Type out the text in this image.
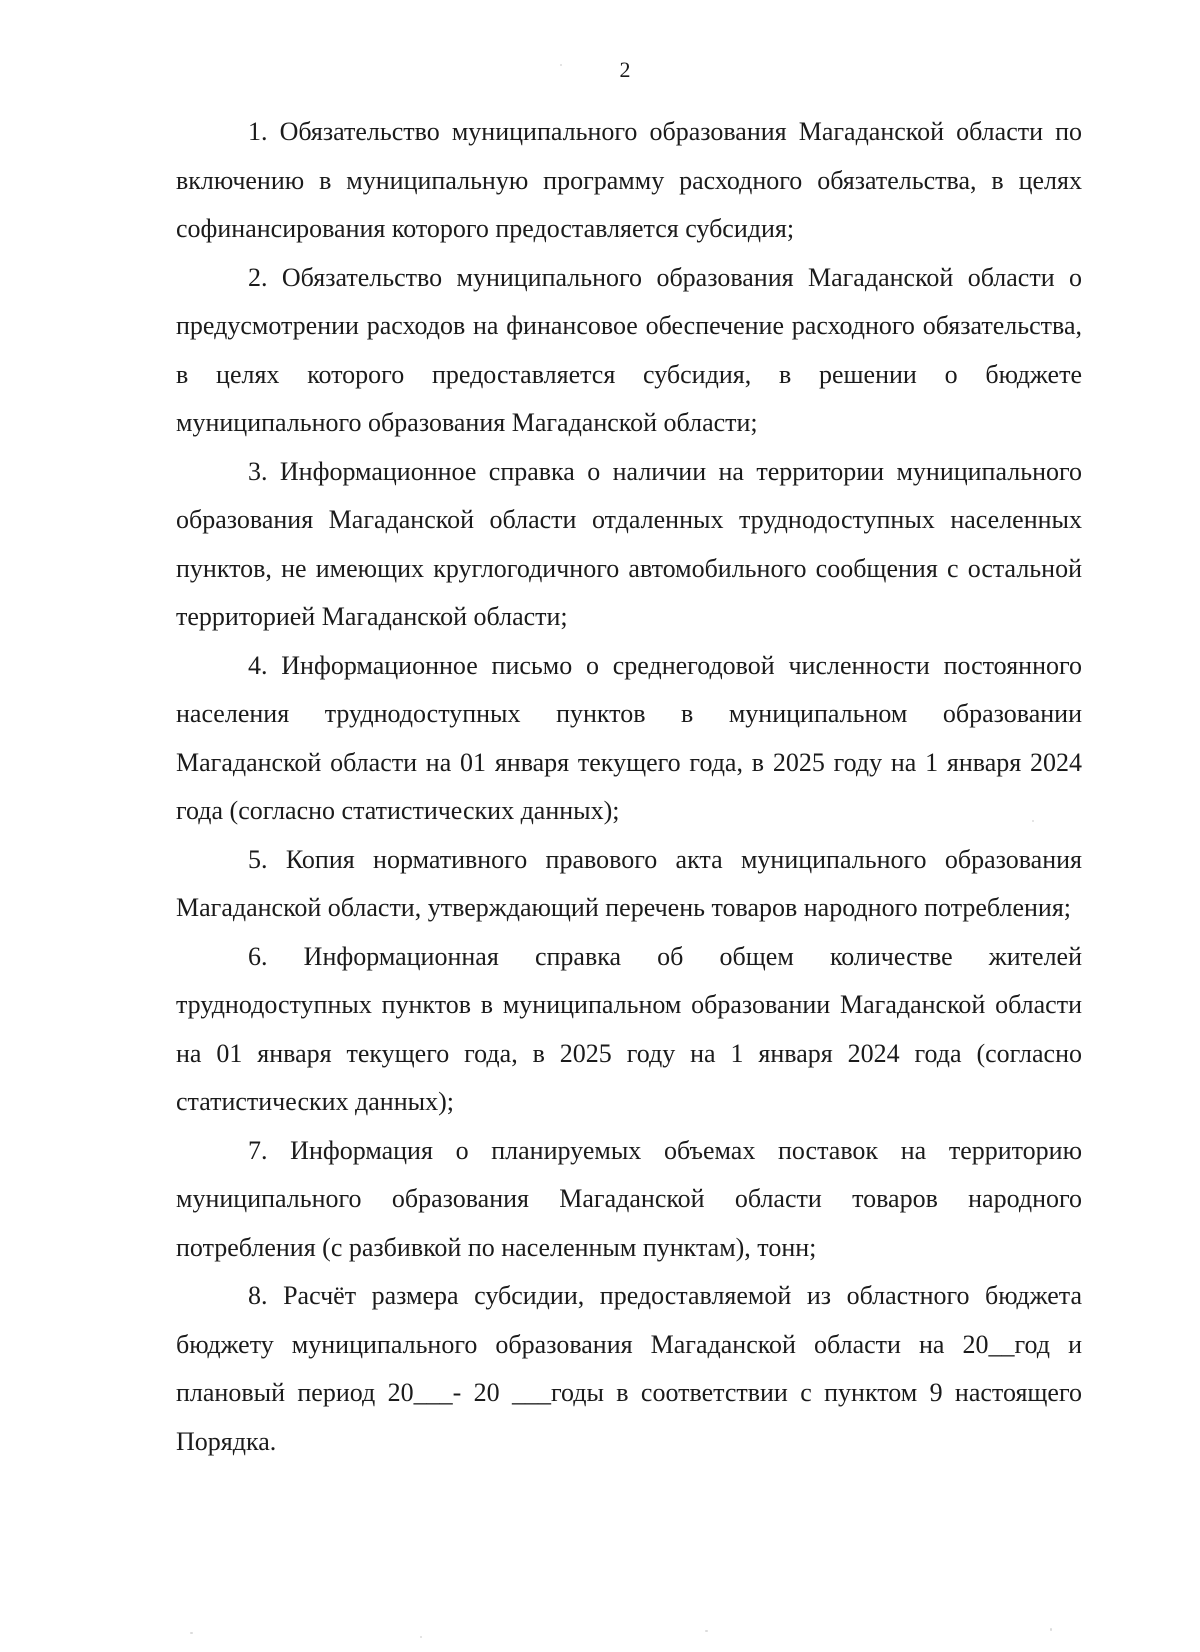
2

1. Обязательство муниципального образования Магаданской области по включению в муниципальную программу расходного обязательства, в целях софинансирования которого предоставляется субсидия;

2. Обязательство муниципального образования Магаданской области о предусмотрении расходов на финансовое обеспечение расходного обязательства, в целях которого предоставляется субсидия, в решении о бюджете муниципального образования Магаданской области;

3. Информационное справка о наличии на территории муниципального образования Магаданской области отдаленных труднодоступных населенных пунктов, не имеющих круглогодичного автомобильного сообщения с остальной территорией Магаданской области;

4. Информационное письмо о среднегодовой численности постоянного населения труднодоступных пунктов в муниципальном образовании Магаданской области на 01 января текущего года, в 2025 году на 1 января 2024 года (согласно статистических данных);

5. Копия нормативного правового акта муниципального образования Магаданской области, утверждающий перечень товаров народного потребления;

6. Информационная справка об общем количестве жителей труднодоступных пунктов в муниципальном образовании Магаданской области на 01 января текущего года, в 2025 году на 1 января 2024 года (согласно статистических данных);

7. Информация о планируемых объемах поставок на территорию муниципального образования Магаданской области товаров народного потребления (с разбивкой по населенным пунктам), тонн;

8. Расчёт размера субсидии, предоставляемой из областного бюджета бюджету муниципального образования Магаданской области на 20__год и плановый период 20___- 20 ___годы в соответствии с пунктом 9 настоящего Порядка.
